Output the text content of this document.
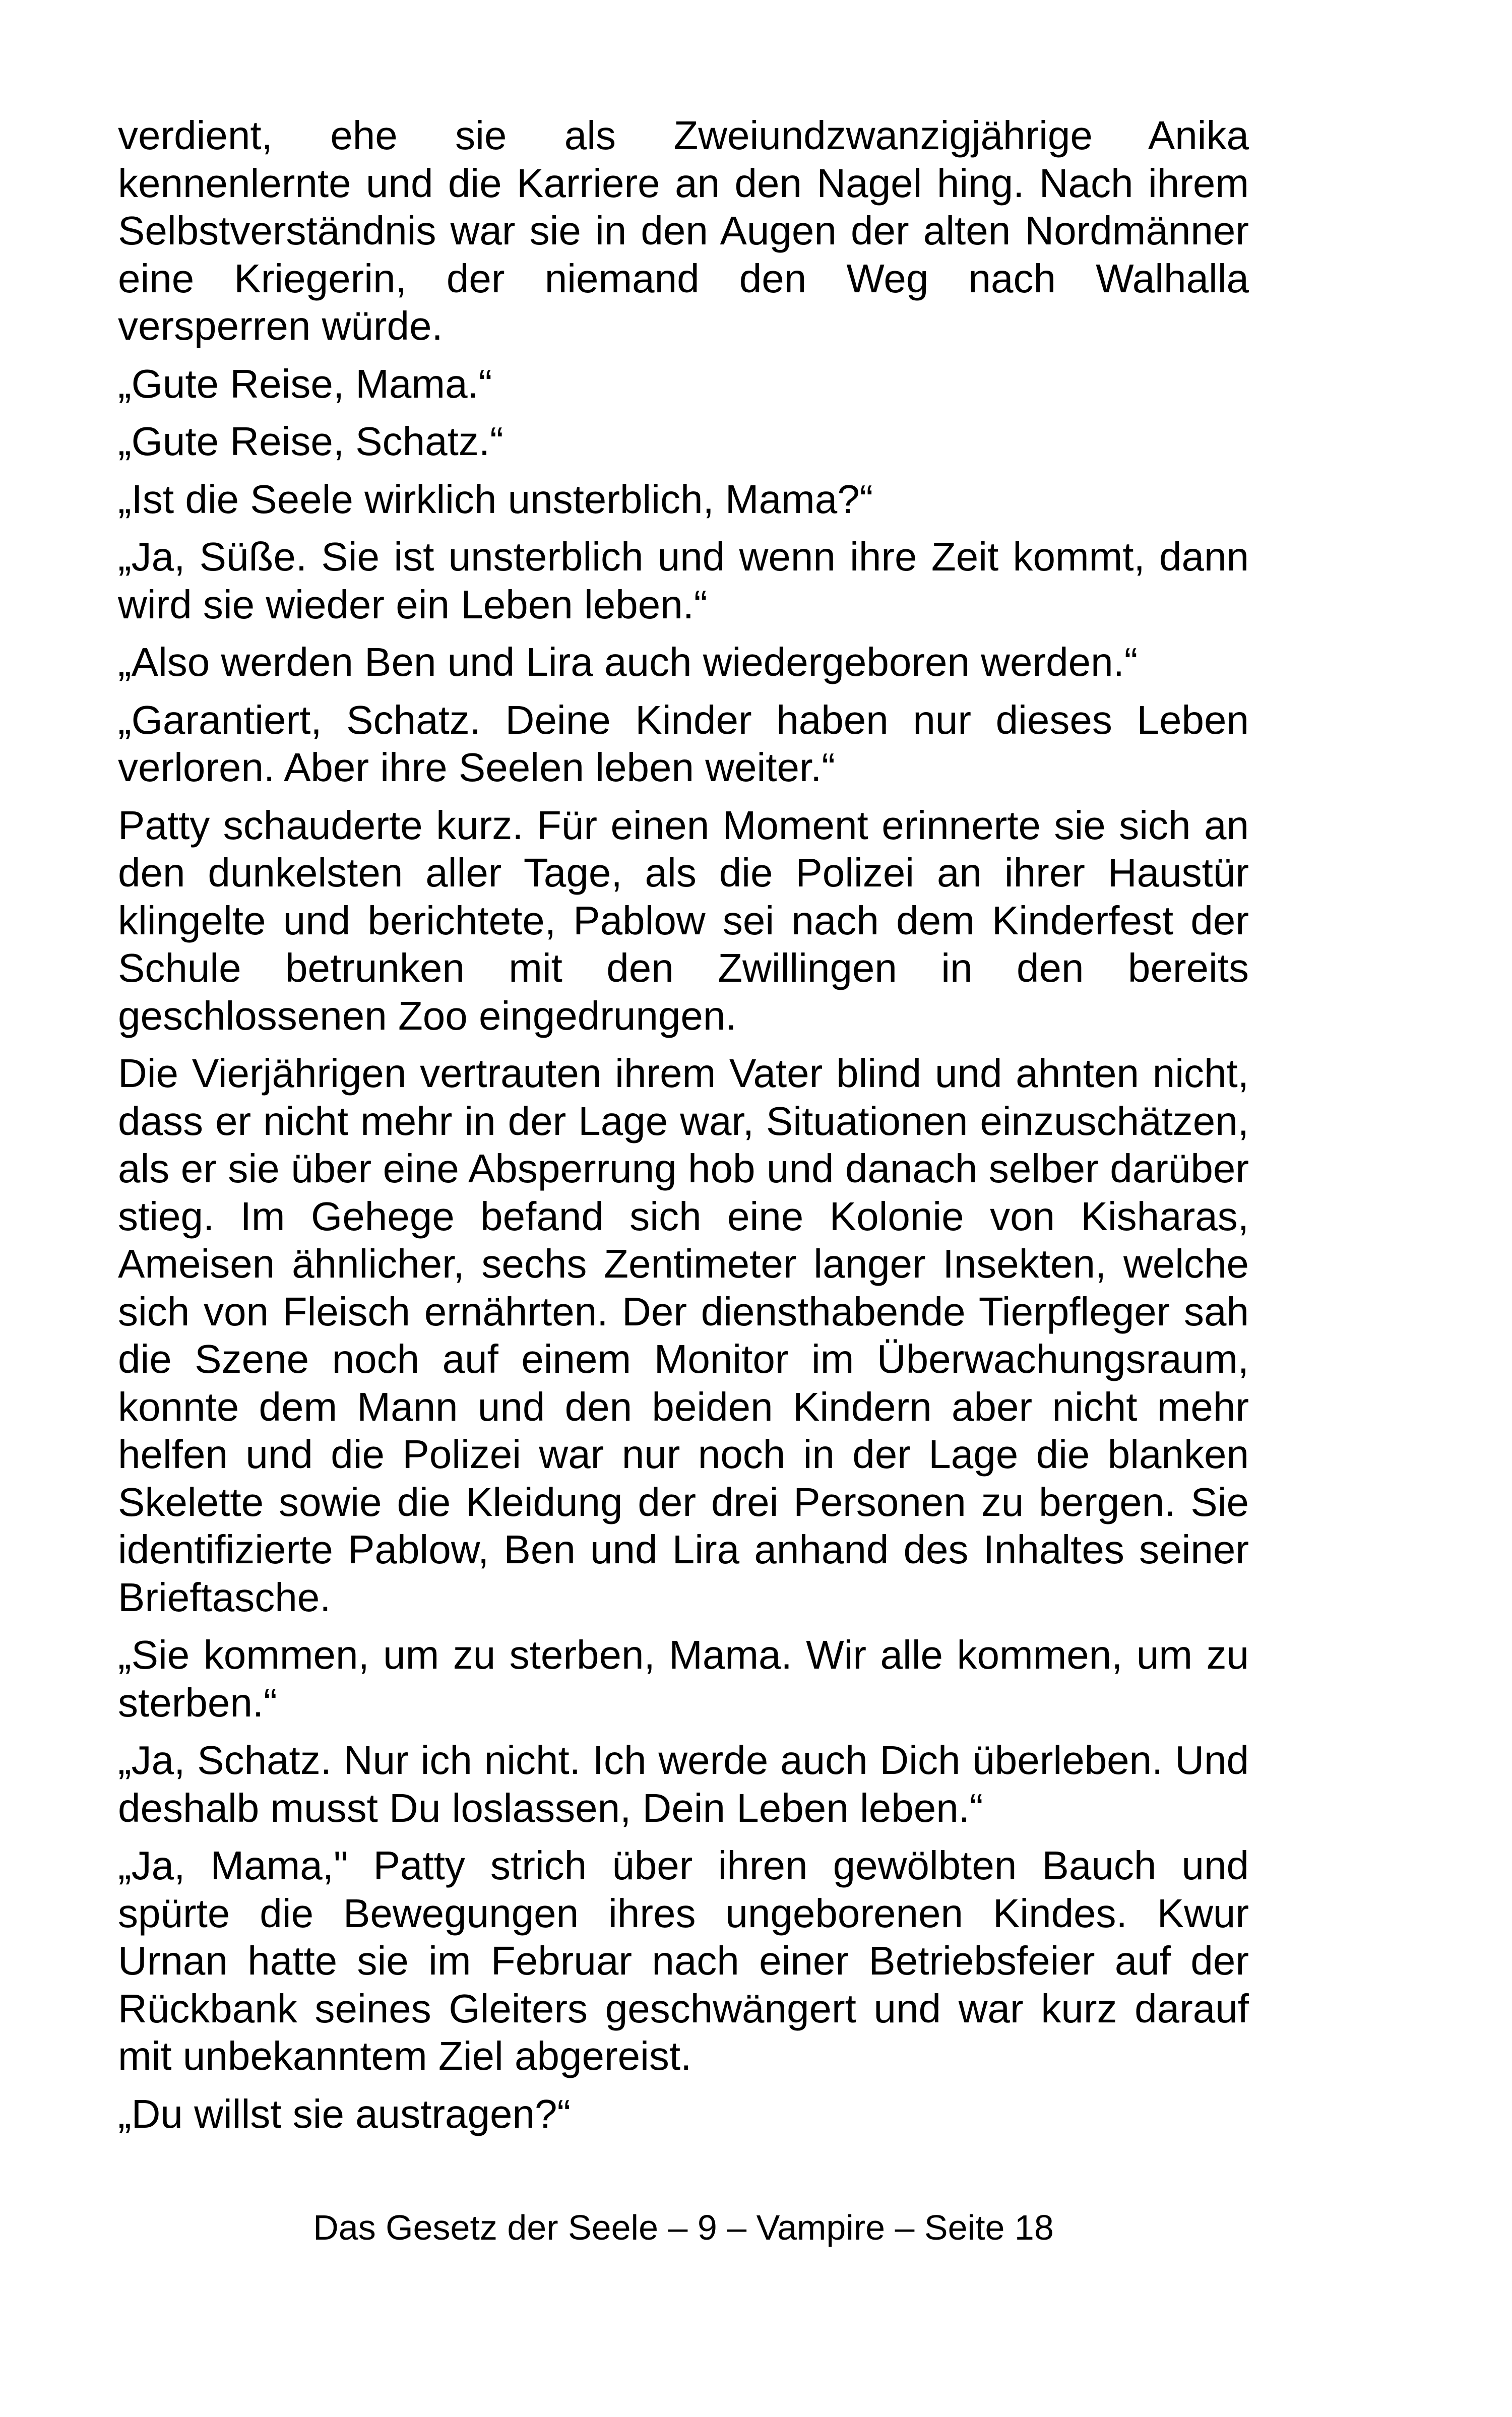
verdient, ehe sie als Zweiundzwanzigjährige Anika kennenlernte und die Karriere an den Nagel hing. Nach ihrem Selbstverständnis war sie in den Augen der alten Nordmänner eine Kriegerin, der niemand den Weg nach Walhalla versperren würde.

„Gute Reise, Mama.“

„Gute Reise, Schatz.“

„Ist die Seele wirklich unsterblich, Mama?“

„Ja, Süße. Sie ist unsterblich und wenn ihre Zeit kommt, dann wird sie wieder ein Leben leben.“

„Also werden Ben und Lira auch wiedergeboren werden.“

„Garantiert, Schatz. Deine Kinder haben nur dieses Leben verloren. Aber ihre Seelen leben weiter.“

Patty schauderte kurz. Für einen Moment erinnerte sie sich an den dunkelsten aller Tage, als die Polizei an ihrer Haustür klingelte und berichtete, Pablow sei nach dem Kinderfest der Schule betrunken mit den Zwillingen in den bereits geschlossenen Zoo eingedrungen.

Die Vierjährigen vertrauten ihrem Vater blind und ahnten nicht, dass er nicht mehr in der Lage war, Situationen einzuschätzen, als er sie über eine Absperrung hob und danach selber darüber stieg. Im Gehege befand sich eine Kolonie von Kisharas, Ameisen ähnlicher, sechs Zentimeter langer Insekten, welche sich von Fleisch ernährten. Der diensthabende Tierpfleger sah die Szene noch auf einem Monitor im Überwachungsraum, konnte dem Mann und den beiden Kindern aber nicht mehr helfen und die Polizei war nur noch in der Lage die blanken Skelette sowie die Kleidung der drei Personen zu bergen. Sie identifizierte Pablow, Ben und Lira anhand des Inhaltes seiner Brieftasche.

„Sie kommen, um zu sterben, Mama. Wir alle kommen, um zu sterben.“

„Ja, Schatz. Nur ich nicht. Ich werde auch Dich überleben. Und deshalb musst Du loslassen, Dein Leben leben.“

„Ja, Mama," Patty strich über ihren gewölbten Bauch und spürte die Bewegungen ihres ungeborenen Kindes. Kwur Urnan hatte sie im Februar nach einer Betriebsfeier auf der Rückbank seines Gleiters geschwängert und war kurz darauf mit unbekanntem Ziel abgereist.

„Du willst sie austragen?“

Das Gesetz der Seele – 9 – Vampire – Seite 18
